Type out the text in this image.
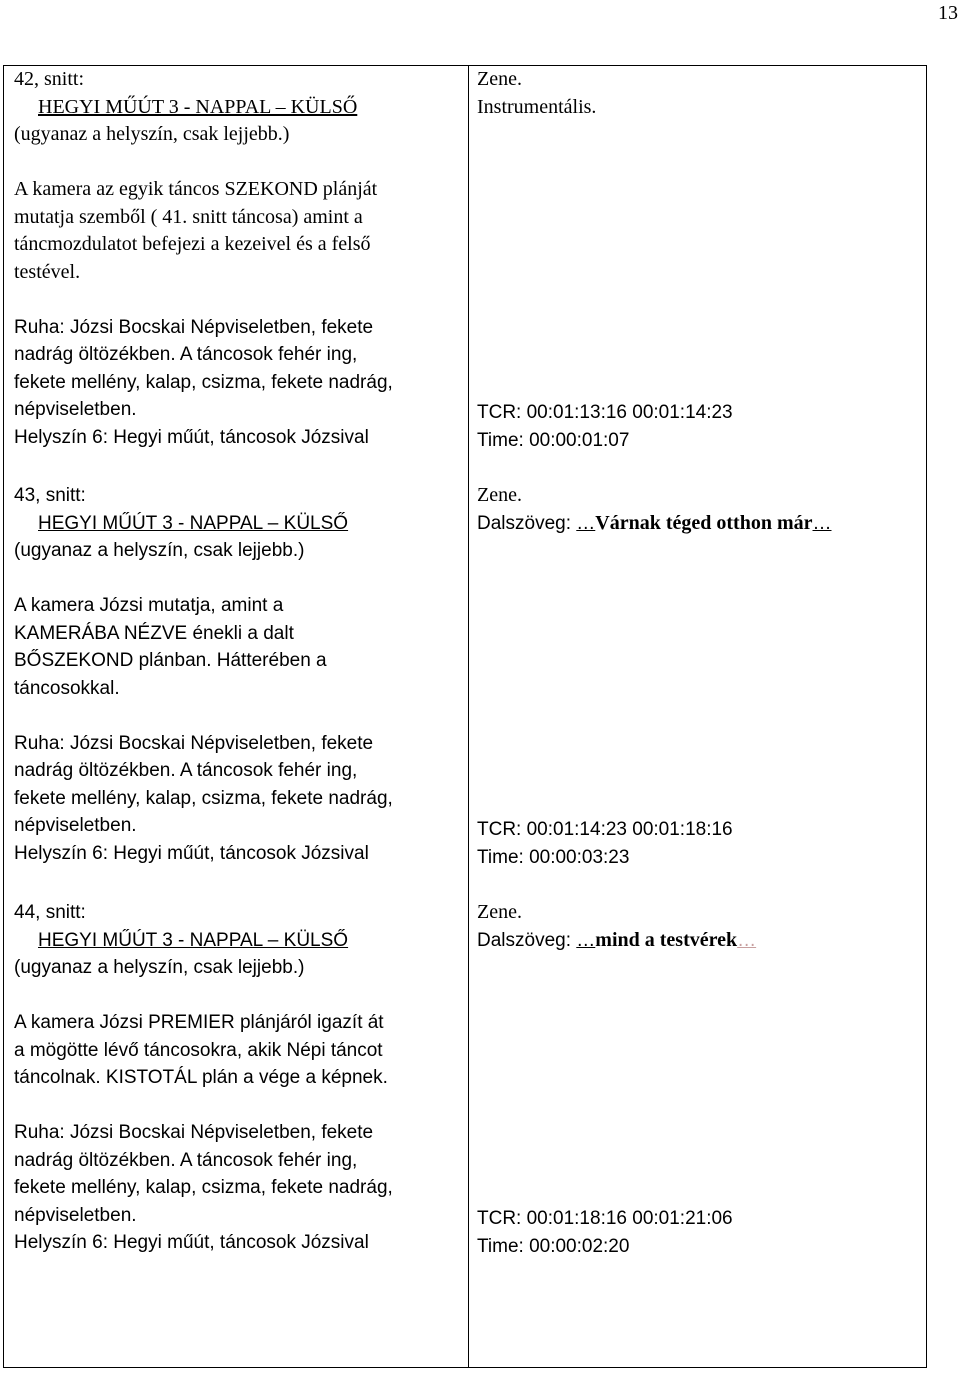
13
42, snitt:
HEGYI MŰÚT 3 - NAPPAL – KÜLSŐ
(ugyanaz a helyszín, csak lejjebb.)
A kamera az egyik táncos SZEKOND plánját
mutatja szemből ( 41. snitt táncosa) amint a
táncmozdulatot befejezi a kezeivel és a felső
testével.
Ruha: Józsi Bocskai Népviseletben, fekete
nadrág öltözékben. A táncosok fehér ing,
fekete mellény, kalap, csizma, fekete nadrág,
népviseletben.
Helyszín 6: Hegyi műút, táncosok Józsival
Zene.
Instrumentális.
TCR: 00:01:13:16 00:01:14:23
Time: 00:00:01:07
43, snitt:
HEGYI MŰÚT 3 - NAPPAL – KÜLSŐ
(ugyanaz a helyszín, csak lejjebb.)
A kamera Józsi mutatja, amint a
KAMERÁBA NÉZVE énekli a dalt
BŐSZEKOND plánban. Hátterében a
táncosokkal.
Ruha: Józsi Bocskai Népviseletben, fekete
nadrág öltözékben. A táncosok fehér ing,
fekete mellény, kalap, csizma, fekete nadrág,
népviseletben.
Helyszín 6: Hegyi műút, táncosok Józsival
Zene.
Dalszöveg: …Várnak téged otthon már…
TCR: 00:01:14:23 00:01:18:16
Time: 00:00:03:23
44, snitt:
HEGYI MŰÚT 3 - NAPPAL – KÜLSŐ
(ugyanaz a helyszín, csak lejjebb.)
A kamera Józsi PREMIER plánjáról igazít át
a mögötte lévő táncosokra, akik Népi táncot
táncolnak. KISTOTÁL plán a vége a képnek.
Ruha: Józsi Bocskai Népviseletben, fekete
nadrág öltözékben. A táncosok fehér ing,
fekete mellény, kalap, csizma, fekete nadrág,
népviseletben.
Helyszín 6: Hegyi műút, táncosok Józsival
Zene.
Dalszöveg: …mind a testvérek…
TCR: 00:01:18:16 00:01:21:06
Time: 00:00:02:20
